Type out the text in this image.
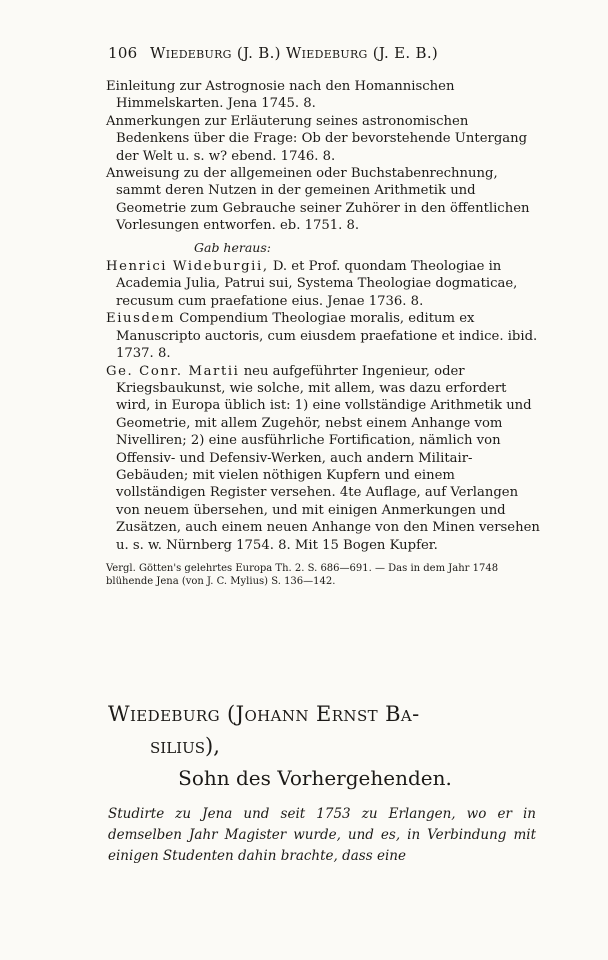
106 Wiedeburg (J. B.) Wiedeburg (J. E. B.)

Einleitung zur Astrognosie nach den Homannischen Himmelskarten. Jena 1745. 8.

Anmerkungen zur Erläuterung seines astronomischen Bedenkens über die Frage: Ob der bevorstehende Untergang der Welt u. s. w? ebend. 1746. 8.

Anweisung zu der allgemeinen oder Buchstabenrechnung, sammt deren Nutzen in der gemeinen Arithmetik und Geometrie zum Gebrauche seiner Zuhörer in den öffentlichen Vorlesungen entworfen. eb. 1751. 8.

Gab heraus:

Henrici Wideburgii, D. et Prof. quondam Theologiae in Academia Julia, Patrui sui, Systema Theologiae dogmaticae, recusum cum praefatione eius. Jenae 1736. 8.

Eiusdem Compendium Theologiae moralis, editum ex Manuscripto auctoris, cum eiusdem praefatione et indice. ibid. 1737. 8.

Ge. Conr. Martii neu aufgeführter Ingenieur, oder Kriegsbaukunst, wie solche, mit allem, was dazu erfordert wird, in Europa üblich ist: 1) eine vollständige Arithmetik und Geometrie, mit allem Zugehör, nebst einem Anhange vom Nivelliren; 2) eine ausführliche Fortification, nämlich von Offensiv- und Defensiv-Werken, auch andern Militair-Gebäuden; mit vielen nöthigen Kupfern und einem vollständigen Register versehen. 4te Auflage, auf Verlangen von neuem übersehen, und mit einigen Anmerkungen und Zusätzen, auch einem neuen Anhange von den Minen versehen u. s. w. Nürnberg 1754. 8. Mit 15 Bogen Kupfer.

Vergl. Götten's gelehrtes Europa Th. 2. S. 686—691. — Das in dem Jahr 1748 blühende Jena (von J. C. Mylius) S. 136—142.

Wiedeburg (Johann Ernst Ba-
silius),
Sohn des Vorhergehenden.
Studirte zu Jena und seit 1753 zu Erlangen, wo er in demselben Jahr Magister wurde, und es, in Verbindung mit einigen Studenten dahin brachte, dass eine
